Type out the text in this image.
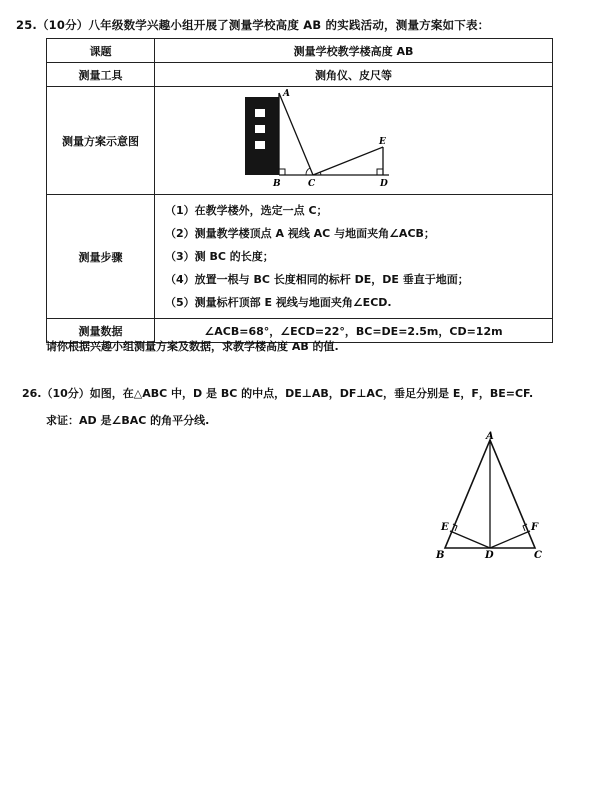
25.（10分）八年级数学兴趣小组开展了测量学校高度 AB 的实践活动，测量方案如下表：
课题	测量学校教学楼高度 AB
测量工具	测角仪、皮尺等
测量方案示意图	A
B C D
E

测量步骤	（1）在教学楼外，选定一点 C；
（2）测量教学楼顶点 A 视线 AC 与地面夹角∠ACB；
（3）测 BC 的长度；
（4）放置一根与 BC 长度相同的标杆 DE，DE 垂直于地面；
（5）测量标杆顶部 E 视线与地面夹角∠ECD.

测量数据	∠ACB=68°，∠ECD=22°，BC=DE=2.5m，CD=12m
请你根据兴趣小组测量方案及数据，求教学楼高度 AB 的值.
26.（10分）如图，在△ABC 中，D 是 BC 的中点，DE⊥AB，DF⊥AC，垂足分别是 E，F，BE=CF.
求证：AD 是∠BAC 的角平分线.
A
B	C
D
E	F
